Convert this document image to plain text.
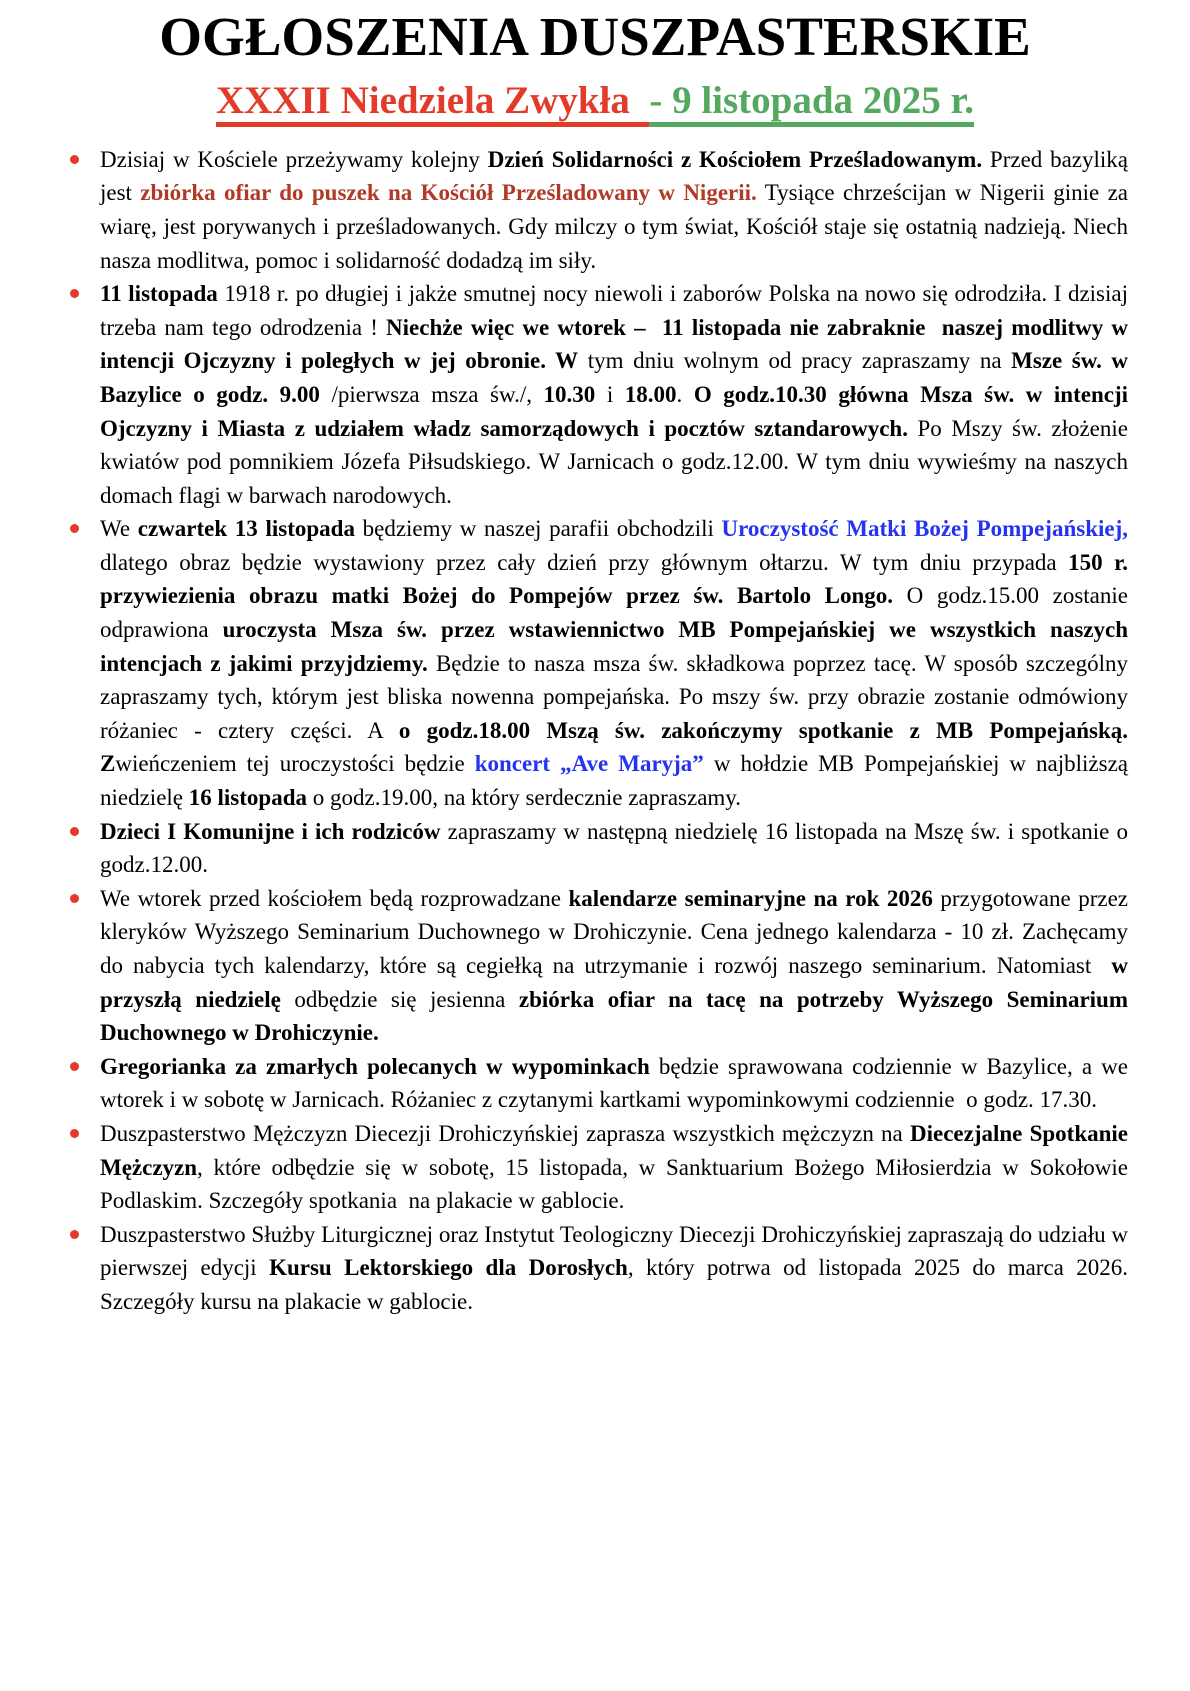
OGŁOSZENIA DUSZPASTERSKIE
XXXII Niedziela Zwykła  - 9 listopada 2025 r.
Dzisiaj w Kościele przeżywamy kolejny Dzień Solidarności z Kościołem Prześladowanym. Przed bazyliką jest zbiórka ofiar do puszek na Kościół Prześladowany w Nigerii. Tysiące chrześcijan w Nigerii ginie za wiarę, jest porywanych i prześladowanych. Gdy milczy o tym świat, Kościół staje się ostatnią nadzieją. Niech nasza modlitwa, pomoc i solidarność dodadzą im siły.
11 listopada 1918 r. po długiej i jakże smutnej nocy niewoli i zaborów Polska na nowo się odrodziła. I dzisiaj trzeba nam tego odrodzenia ! Niechże więc we wtorek –  11 listopada nie zabraknie  naszej modlitwy w intencji Ojczyzny i poległych w jej obronie. W tym dniu wolnym od pracy zapraszamy na Msze św. w Bazylice o godz. 9.00 /pierwsza msza św./, 10.30 i 18.00. O godz.10.30 główna Msza św. w intencji Ojczyzny i Miasta z udziałem władz samorządowych i pocztów sztandarowych. Po Mszy św. złożenie kwiatów pod pomnikiem Józefa Piłsudskiego. W Jarnicach o godz.12.00. W tym dniu wywieśmy na naszych domach flagi w barwach narodowych.
We czwartek 13 listopada będziemy w naszej parafii obchodzili Uroczystość Matki Bożej Pompejańskiej, dlatego obraz będzie wystawiony przez cały dzień przy głównym ołtarzu. W tym dniu przypada 150 r. przywiezienia obrazu matki Bożej do Pompejów przez św. Bartolo Longo. O godz.15.00 zostanie odprawiona uroczysta Msza św. przez wstawiennictwo MB Pompejańskiej we wszystkich naszych intencjach z jakimi przyjdziemy. Będzie to nasza msza św. składkowa poprzez tacę. W sposób szczególny zapraszamy tych, którym jest bliska nowenna pompejańska. Po mszy św. przy obrazie zostanie odmówiony różaniec - cztery części. A o godz.18.00 Mszą św. zakończymy spotkanie z MB Pompejańską. Zwieńczeniem tej uroczystości będzie koncert „Ave Maryja” w hołdzie MB Pompejańskiej w najbliższą niedzielę 16 listopada o godz.19.00, na który serdecznie zapraszamy.
Dzieci I Komunijne i ich rodziców zapraszamy w następną niedzielę 16 listopada na Mszę św. i spotkanie o godz.12.00.
We wtorek przed kościołem będą rozprowadzane kalendarze seminaryjne na rok 2026 przygotowane przez kleryków Wyższego Seminarium Duchownego w Drohiczynie. Cena jednego kalendarza - 10 zł. Zachęcamy do nabycia tych kalendarzy, które są cegiełką na utrzymanie i rozwój naszego seminarium. Natomiast  w przyszłą niedzielę odbędzie się jesienna zbiórka ofiar na tacę na potrzeby Wyższego Seminarium Duchownego w Drohiczynie.
Gregorianka za zmarłych polecanych w wypominkach będzie sprawowana codziennie w Bazylice, a we wtorek i w sobotę w Jarnicach. Różaniec z czytanymi kartkami wypominkowymi codziennie  o godz. 17.30.
Duszpasterstwo Mężczyzn Diecezji Drohiczyńskiej zaprasza wszystkich mężczyzn na Diecezjalne Spotkanie Mężczyzn, które odbędzie się w sobotę, 15 listopada, w Sanktuarium Bożego Miłosierdzia w Sokołowie Podlaskim. Szczegóły spotkania  na plakacie w gablocie.
Duszpasterstwo Służby Liturgicznej oraz Instytut Teologiczny Diecezji Drohiczyńskiej zapraszają do udziału w pierwszej edycji Kursu Lektorskiego dla Dorosłych, który potrwa od listopada 2025 do marca 2026. Szczegóły kursu na plakacie w gablocie.
